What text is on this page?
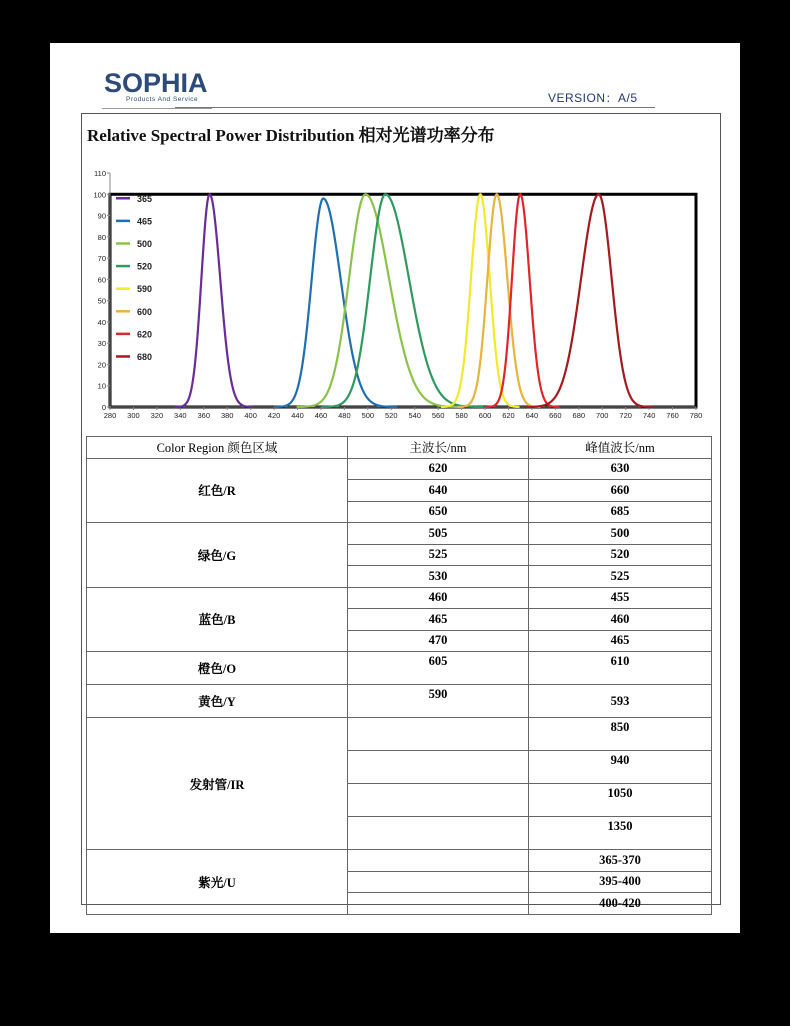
SOPHIA
Products And Service	VERSION：A/5
Relative Spectral Power Distribution 相对光谱功率分布
0
10
20
30
40
50
60
70
80
90
100
110
280 300 320 340 360 380 400 420 440 460 480 500 520 540 560 580 600 620 640 660 680 700 720 740 760 780
365
465
500
520
590
600
620
680
Color Region 颜色区域	主波长/nm	峰值波长/nm
红色/R	620	630
	640	660
	650	685
绿色/G	505	500
	525	520
	530	525
蓝色/B	460	455
	465	460
	470	465
橙色/O	605	610
黄色/Y	590	593
发射管/IR		850
		940
		1050
		1350
紫光/U		365-370
		395-400
		400-420
